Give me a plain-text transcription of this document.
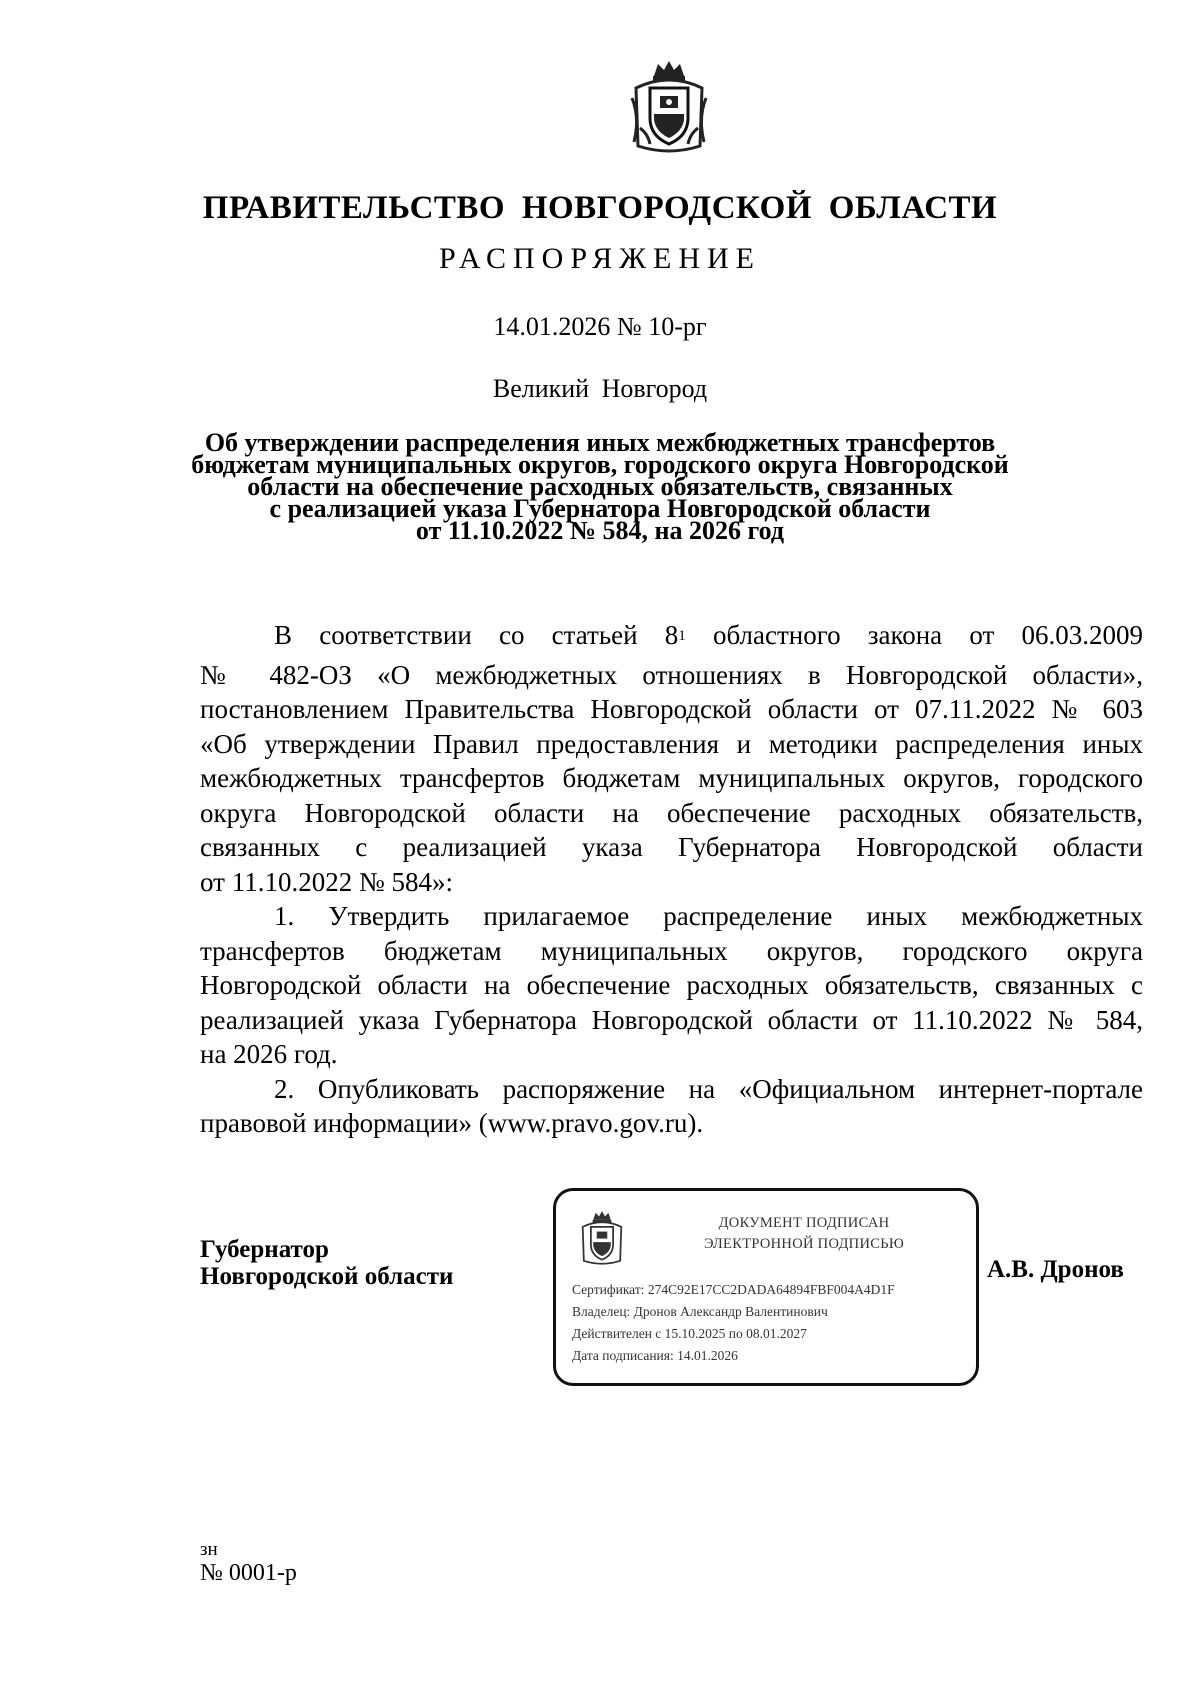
ПРАВИТЕЛЬСТВО НОВГОРОДСКОЙ ОБЛАСТИ
РАСПОРЯЖЕНИЕ
14.01.2026 № 10-рг
Великий Новгород
Об утверждении распределения иных межбюджетных трансфертов
бюджетам муниципальных округов, городского округа Новгородской
области на обеспечение расходных обязательств, связанных
с реализацией указа Губернатора Новгородской области
от 11.10.2022 № 584, на 2026 год

В соответствии со статьей $8^1$ областного закона от 06.03.2009
№ 482-ОЗ «О межбюджетных отношениях в Новгородской области»,
постановлением Правительства Новгородской области от 07.11.2022 № 603
«Об утверждении Правил предоставления и методики распределения иных
межбюджетных трансфертов бюджетам муниципальных округов, городского
округа Новгородской области на обеспечение расходных обязательств,
связанных с реализацией указа Губернатора Новгородской области
от 11.10.2022 № 584»:

1. Утвердить прилагаемое распределение иных межбюджетных
трансфертов бюджетам муниципальных округов, городского округа
Новгородской области на обеспечение расходных обязательств, связанных с
реализацией указа Губернатора Новгородской области от 11.10.2022 № 584,
на 2026 год.

2. Опубликовать распоряжение на «Официальном интернет-портале
правовой информации» (www.pravo.gov.ru).

Губернатор
Новгородской области
ДОКУМЕНТ ПОДПИСАН
ЭЛЕКТРОННОЙ ПОДПИСЬЮ
Сертификат: 274C92E17CC2DADA64894FBF004A4D1F
Владелец: Дронов Александр Валентинович
Действителен с 15.10.2025 по 08.01.2027
Дата подписания: 14.01.2026
А.В. Дронов
зн
№ 0001-р
